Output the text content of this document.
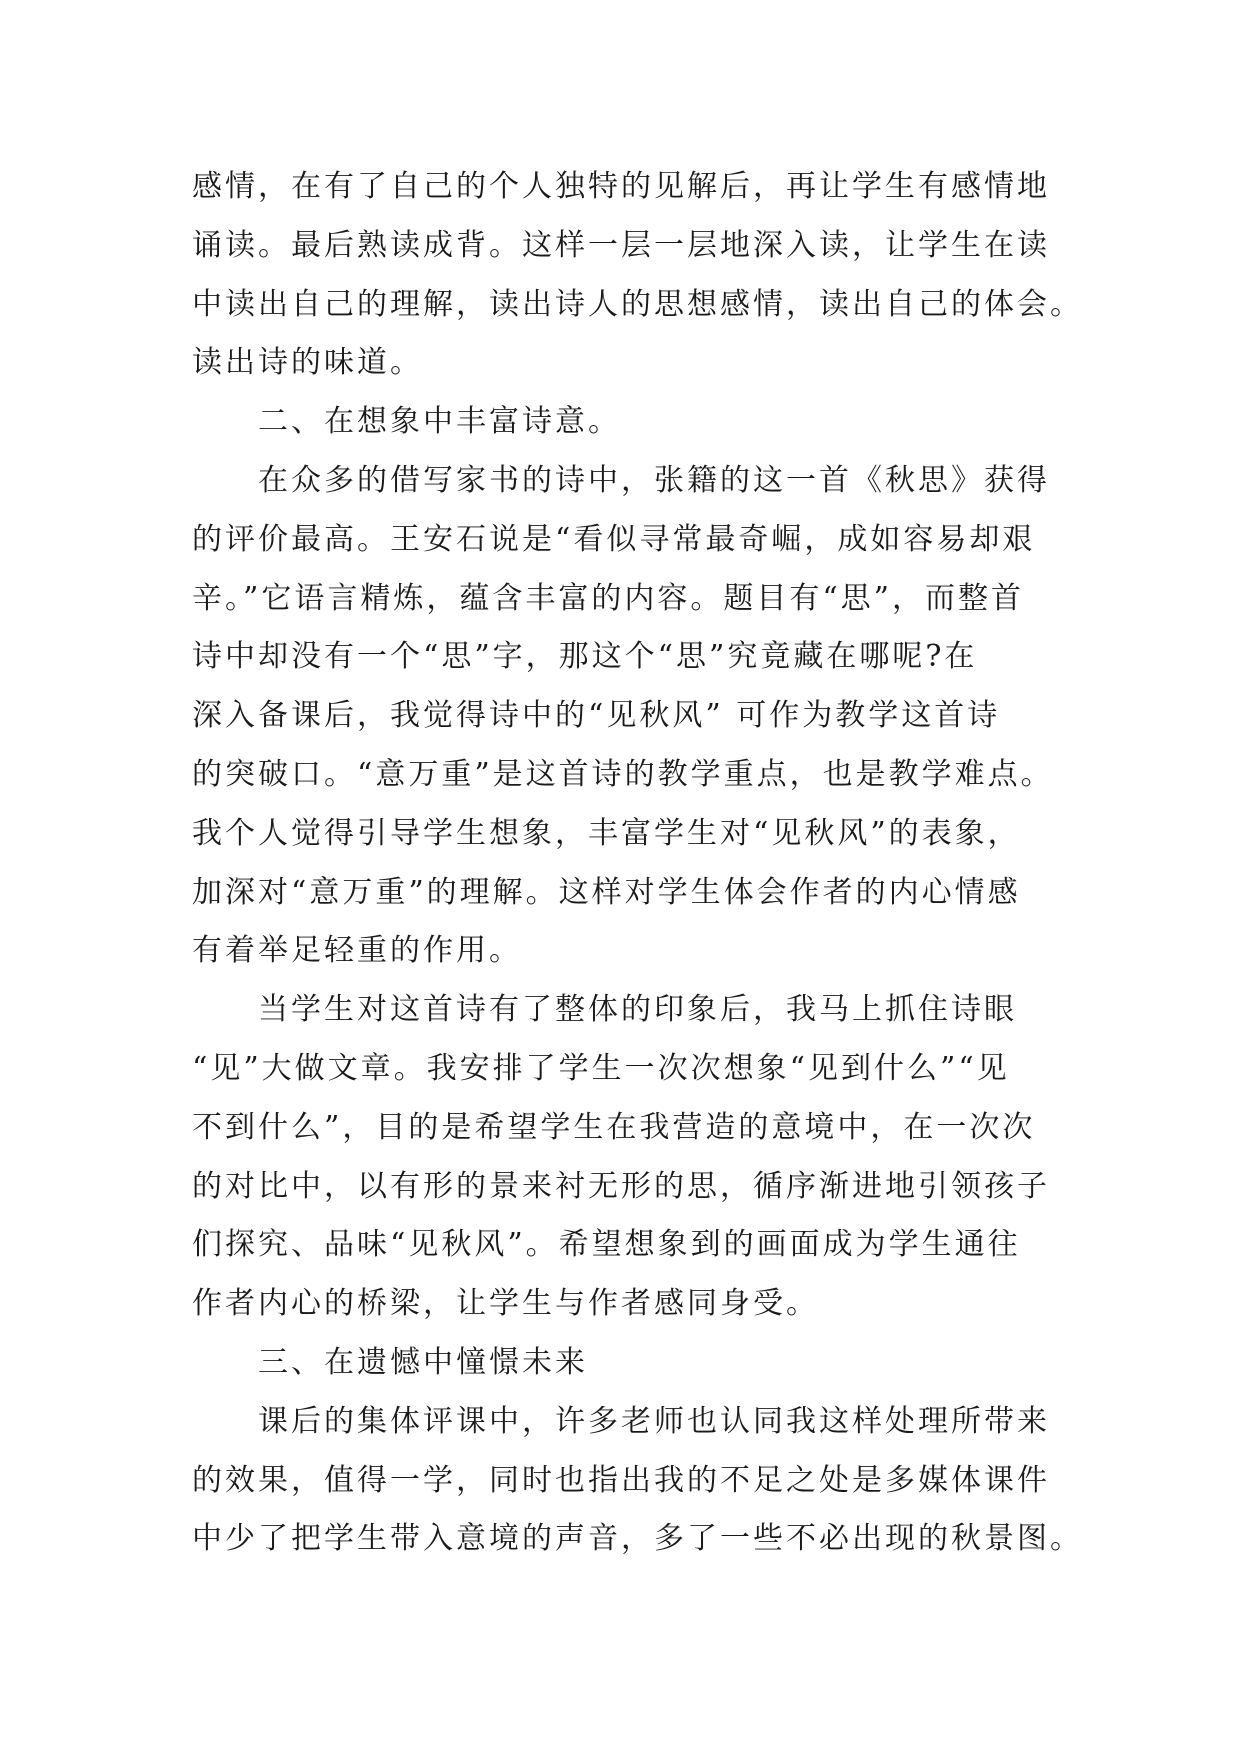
感情，在有了自己的个人独特的见解后，再让学生有感情地
诵读。最后熟读成背。这样一层一层地深入读，让学生在读
中读出自己的理解，读出诗人的思想感情，读出自己的体会。
读出诗的味道。
二、在想象中丰富诗意。
在众多的借写家书的诗中，张籍的这一首《秋思》获得
的评价最高。王安石说是“看似寻常最奇崛，成如容易却艰
辛。”它语言精炼，蕴含丰富的内容。题目有“思”，而整首
诗中却没有一个“思”字，那这个“思”究竟藏在哪呢?在
深入备课后，我觉得诗中的“见秋风” 可作为教学这首诗
的突破口。“意万重”是这首诗的教学重点，也是教学难点。
我个人觉得引导学生想象，丰富学生对“见秋风”的表象，
加深对“意万重”的理解。这样对学生体会作者的内心情感
有着举足轻重的作用。
当学生对这首诗有了整体的印象后，我马上抓住诗眼
“见”大做文章。我安排了学生一次次想象“见到什么”“见
不到什么”，目的是希望学生在我营造的意境中，在一次次
的对比中，以有形的景来衬无形的思，循序渐进地引领孩子
们探究、品味“见秋风”。希望想象到的画面成为学生通往
作者内心的桥梁，让学生与作者感同身受。
三、在遗憾中憧憬未来
课后的集体评课中，许多老师也认同我这样处理所带来
的效果，值得一学，同时也指出我的不足之处是多媒体课件
中少了把学生带入意境的声音，多了一些不必出现的秋景图。
